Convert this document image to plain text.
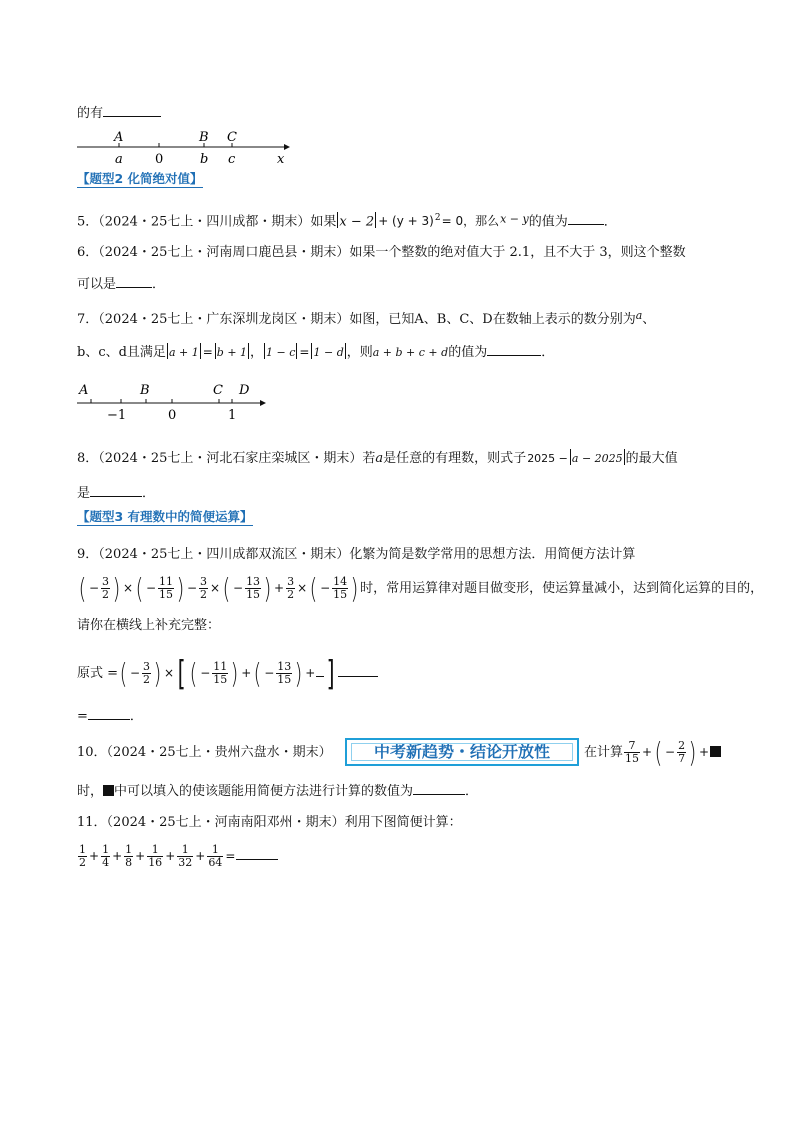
的有
A	B C
a 0	b c	x
【题型2 化简绝对值】
5．（2024・25七上・四川成都・期末）如果 $x - 2 + (y + 3)^2= 0$，那么$^{x - y}$的值为	．
6．（2024・25七上・河南周口鹿邑县・期末）如果一个整数的绝对值大于 2.1，且不大于 3，则这个整数
可以是	．
7．（2024・25七上・广东深圳龙岗区・期末）如图，已知A、B、C、D在数轴上表示的数分别为$^a$、
b、c、d且满足 a + 1 = b + 1 ， 1 − c = 1 − d ，则a + b + c + d的值为	．
A	B	C D
−1	0	1
8．（2024・25七上・河北石家庄栾城区・期末）若a是任意的有理数，则式子2025 − a − 2025 的最大值
是	．
【题型3 有理数中的简便运算】
9．（2024・25七上・四川成都双流区・期末）化繁为简是数学常用的思想方法．用简便方法计算
( − $\frac{3}{2}$ ) ×( − $\frac{11}{15}$ ) − $\frac{3}{2}$ ×( − $\frac{13}{15}$ ) + $\frac{3}{2}$ ×( − $\frac{14}{15}$ ) 时，常用运算律对题目做变形，使运算量减小，达到简化运算的目的，
请你在横线上补充完整：
原式 =( − $\frac{3}{2}$ ) × [ ( − $\frac{11}{15}$ ) +( − $\frac{13}{15}$ ) + ]
=	．
10．（2024・25七上・贵州六盘水・期末）	中考新趋势・结论开放性	在计算 $\frac{7}{15}$ +( − $\frac{2}{7}$ ) +
时， 中可以填入的使该题能用简便方法进行计算的数值为	．
11．（2024・25七上・河南南阳邓州・期末）利用下图简便计算：
$\frac{1}{2} + \frac{1}{4} + \frac{1}{8} + \frac{1}{16} + \frac{1}{32} + \frac{1}{64}$ =
